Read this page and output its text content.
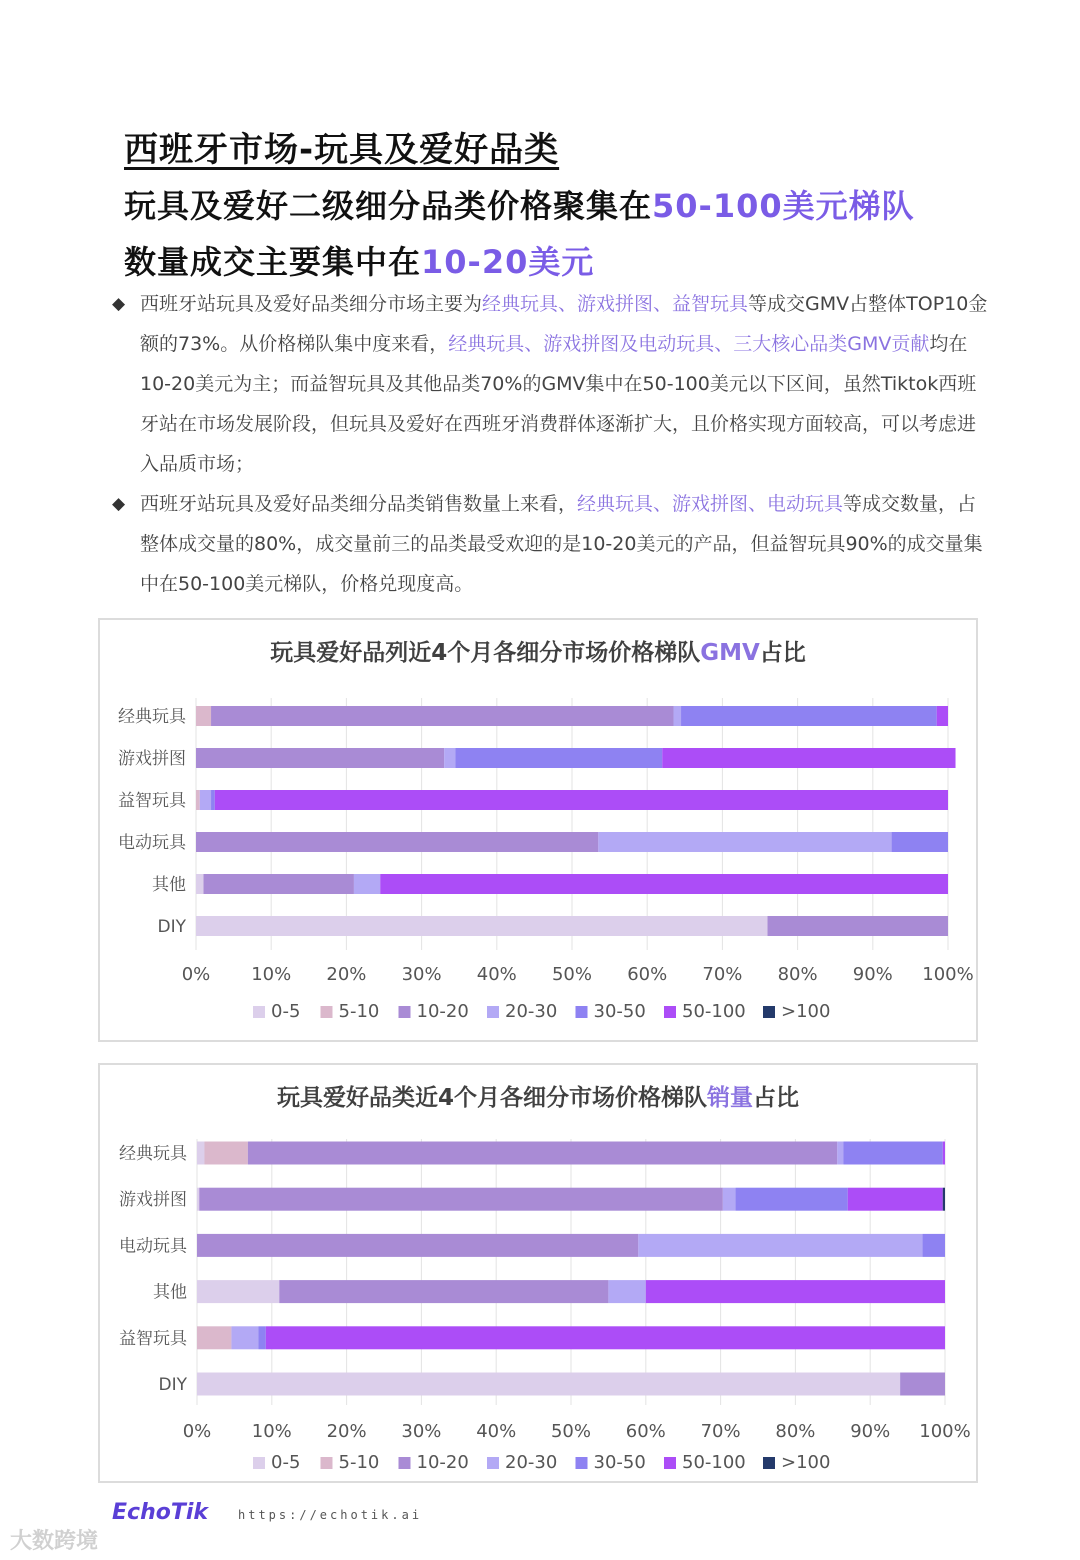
西班牙市场-玩具及爱好品类
玩具及爱好二级细分品类价格聚集在50-100美元梯队
数量成交主要集中在10-20美元
◆ 西班牙站玩具及爱好品类细分市场主要为经典玩具、游戏拼图、益智玩具等成交GMV占整体TOP10金额的73%。从价格梯队集中度来看，经典玩具、游戏拼图及电动玩具、三大核心品类GMV贡献均在10-20美元为主；而益智玩具及其他品类70%的GMV集中在50-100美元以下区间，虽然Tiktok西班牙站在市场发展阶段，但玩具及爱好在西班牙消费群体逐渐扩大，且价格实现方面较高，可以考虑进入品质市场；
◆ 西班牙站玩具及爱好品类细分品类销售数量上来看，经典玩具、游戏拼图、电动玩具等成交数量，占整体成交量的80%，成交量前三的品类最受欢迎的是10-20美元的产品，但益智玩具90%的成交量集中在50-100美元梯队，价格兑现度高。
玩具爱好品列近4个月各细分市场价格梯队GMV占比
0% 10% 20% 30% 40% 50% 60% 70% 80% 90% 100%
经典玩具
游戏拼图
益智玩具
电动玩具
其他
DIY
0-5 5-10 10-20 20-30 30-50 50-100 >100
玩具爱好品类近4个月各细分市场价格梯队销量占比
0% 10% 20% 30% 40% 50% 60% 70% 80% 90% 100%
经典玩具
游戏拼图
电动玩具
其他
益智玩具
DIY
0-5 5-10 10-20 20-30 30-50 50-100 >100
EchoTik https://echotik.ai
大数跨境
